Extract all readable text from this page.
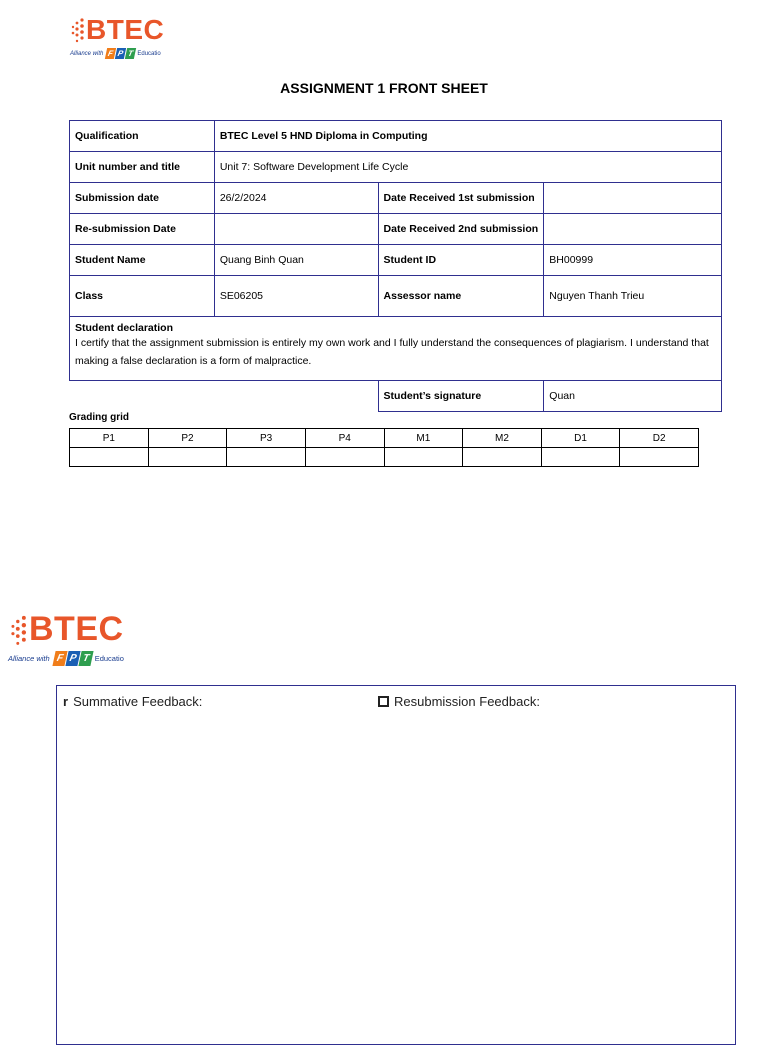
BTEC
Alliance with F P T Educatio
ASSIGNMENT 1 FRONT SHEET
Qualification	BTEC Level 5 HND Diploma in Computing		
Unit number and title	Unit 7: Software Development Life Cycle		
Submission date	26/2/2024	Date Received 1st submission	
Re-submission Date		Date Received 2nd submission	
Student Name	Quang Binh Quan	Student ID	BH00999
Class	SE06205	Assessor name	Nguyen Thanh Trieu

Student declaration
I certify that the assignment submission is entirely my own work and I fully understand the consequences of plagiarism. I understand that making a false declaration is a form of malpractice.			

		Student’s signature	Quan
Grading grid
P1	P2	P3	P4	M1	M2	D1	D2

BTEC
Alliance with F P T Educatio
r Summative Feedback:	Resubmission Feedback:
